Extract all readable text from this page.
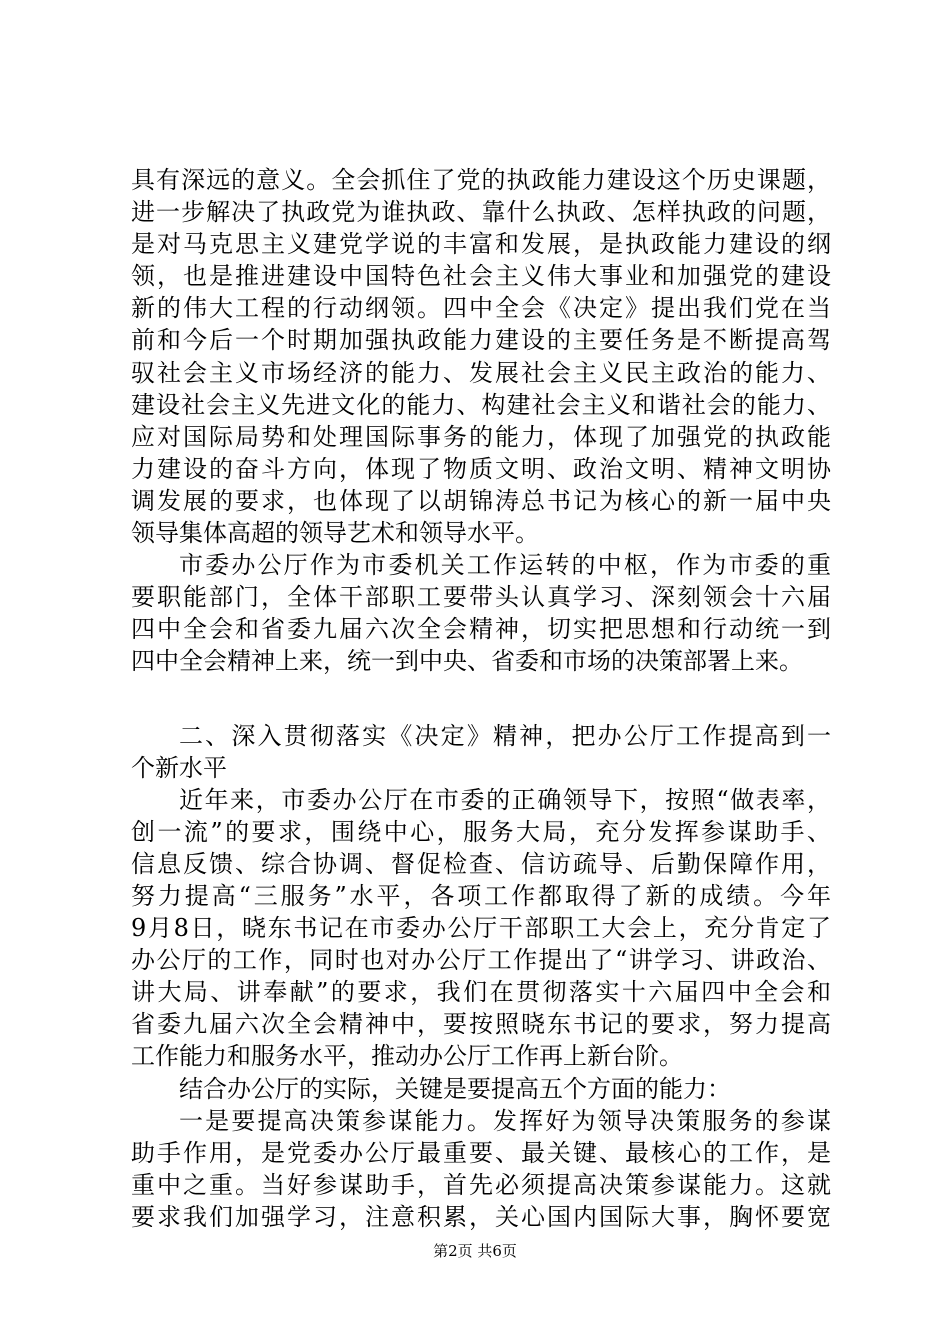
具有深远的意义。全会抓住了党的执政能力建设这个历史课题，
进一步解决了执政党为谁执政、靠什么执政、怎样执政的问题，
是对马克思主义建党学说的丰富和发展，是执政能力建设的纲
领，也是推进建设中国特色社会主义伟大事业和加强党的建设
新的伟大工程的行动纲领。四中全会《决定》提出我们党在当
前和今后一个时期加强执政能力建设的主要任务是不断提高驾
驭社会主义市场经济的能力、发展社会主义民主政治的能力、
建设社会主义先进文化的能力、构建社会主义和谐社会的能力、
应对国际局势和处理国际事务的能力，体现了加强党的执政能
力建设的奋斗方向，体现了物质文明、政治文明、精神文明协
调发展的要求，也体现了以胡锦涛总书记为核心的新一届中央
领导集体高超的领导艺术和领导水平。
市委办公厅作为市委机关工作运转的中枢，作为市委的重
要职能部门，全体干部职工要带头认真学习、深刻领会十六届
四中全会和省委九届六次全会精神，切实把思想和行动统一到
四中全会精神上来，统一到中央、省委和市场的决策部署上来。
二、深入贯彻落实《决定》精神，把办公厅工作提高到一
个新水平
近年来，市委办公厅在市委的正确领导下，按照“做表率，
创一流”的要求，围绕中心，服务大局，充分发挥参谋助手、
信息反馈、综合协调、督促检查、信访疏导、后勤保障作用，
努力提高“三服务”水平，各项工作都取得了新的成绩。今年
9月8日，晓东书记在市委办公厅干部职工大会上，充分肯定了
办公厅的工作，同时也对办公厅工作提出了“讲学习、讲政治、
讲大局、讲奉献”的要求，我们在贯彻落实十六届四中全会和
省委九届六次全会精神中，要按照晓东书记的要求，努力提高
工作能力和服务水平，推动办公厅工作再上新台阶。
结合办公厅的实际，关键是要提高五个方面的能力：
一是要提高决策参谋能力。发挥好为领导决策服务的参谋
助手作用，是党委办公厅最重要、最关键、最核心的工作，是
重中之重。当好参谋助手，首先必须提高决策参谋能力。这就
要求我们加强学习，注意积累，关心国内国际大事，胸怀要宽
第2页 共6页
